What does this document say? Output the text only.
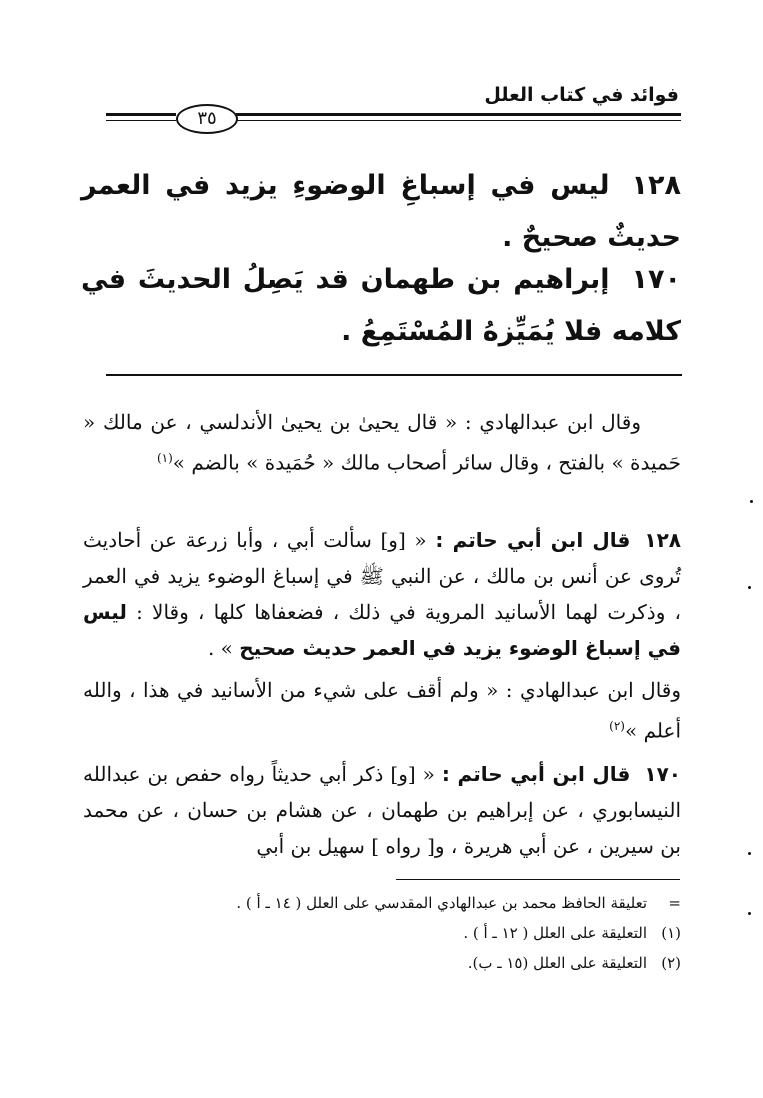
فوائد في كتاب العلل
٣٥
١٢٨ليس في إسباغِ الوضوءِ يزيد في العمر حديثٌ صحيحٌ .
١٧٠إبراهيم بن طهمان قد يَصِلُ الحديثَ في كلامه فلا يُمَيِّزهُ المُسْتَمِعُ .
وقال ابن عبدالهادي : « قال يحيىٰ بن يحيىٰ الأندلسي ، عن مالك « حَميدة » بالفتح ، وقال سائر أصحاب مالك « حُمَيدة » بالضم »$^{(١)}$
١٢٨قال ابن أبي حاتم : « [و] سألت أبي ، وأبا زرعة عن أحاديث تُروى عن أنس بن مالك ، عن النبي ﷺ في إسباغ الوضوء يزيد في العمر ، وذكرت لهما الأسانيد المروية في ذلك ، فضعفاها كلها ، وقالا : ليس في إسباغ الوضوء يزيد في العمر حديث صحيح » .
وقال ابن عبدالهادي : « ولم أقف على شيء من الأسانيد في هذا ، والله أعلم »$^{(٢)}$
١٧٠قال ابن أبي حاتم : « [و] ذكر أبي حديثاً رواه حفص بن عبدالله النيسابوري ، عن إبراهيم بن طهمان ، عن هشام بن حسان ، عن محمد بن سيرين ، عن أبي هريرة ، و[ رواه ] سهيل بن أبي
=تعليقة الحافظ محمد بن عبدالهادي المقدسي على العلل ( ١٤ ـ أ ) .
(١)التعليقة على العلل ( ١٢ ـ أ ) .
(٢)التعليقة على العلل (١٥ ـ ب).
